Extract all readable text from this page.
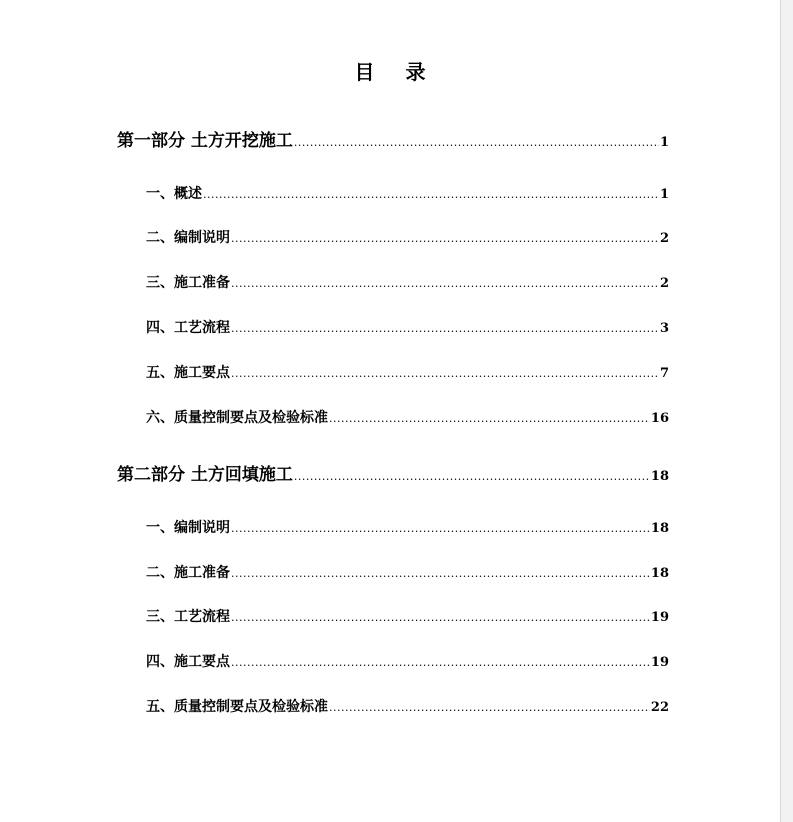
目 录
第一部分 土方开挖施工 .....	1
一、概述 .....	1
二、编制说明 .....	2
三、施工准备 .....	2
四、工艺流程 .....	3
五、施工要点 .....	7
六、质量控制要点及检验标准 .....	16
第二部分 土方回填施工 .....	18
一、编制说明 .....	18
二、施工准备 .....	18
三、工艺流程 .....	19
四、施工要点 .....	19
五、质量控制要点及检验标准 .....	22
